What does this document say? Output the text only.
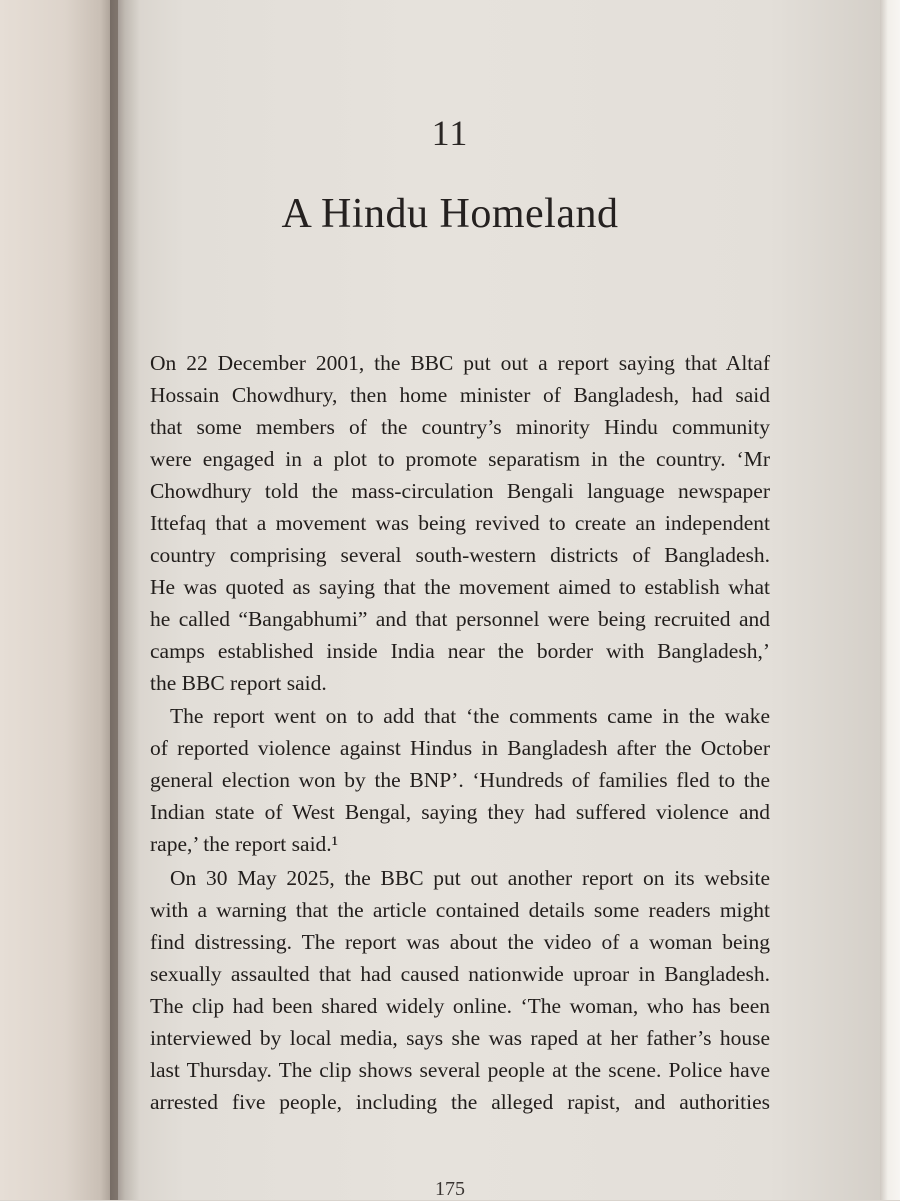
11
A Hindu Homeland
On 22 December 2001, the BBC put out a report saying that Altaf
Hossain Chowdhury, then home minister of Bangladesh, had said
that some members of the country’s minority Hindu community
were engaged in a plot to promote separatism in the country. ‘Mr
Chowdhury told the mass-circulation Bengali language newspaper
Ittefaq that a movement was being revived to create an independent
country comprising several south-western districts of Bangladesh.
He was quoted as saying that the movement aimed to establish what
he called “Bangabhumi” and that personnel were being recruited and
camps established inside India near the border with Bangladesh,’
the BBC report said.
The report went on to add that ‘the comments came in the wake
of reported violence against Hindus in Bangladesh after the October
general election won by the BNP’. ‘Hundreds of families fled to the
Indian state of West Bengal, saying they had suffered violence and
rape,’ the report said.¹
On 30 May 2025, the BBC put out another report on its website
with a warning that the article contained details some readers might
find distressing. The report was about the video of a woman being
sexually assaulted that had caused nationwide uproar in Bangladesh.
The clip had been shared widely online. ‘The woman, who has been
interviewed by local media, says she was raped at her father’s house
last Thursday. The clip shows several people at the scene. Police have
arrested five people, including the alleged rapist, and authorities
175
